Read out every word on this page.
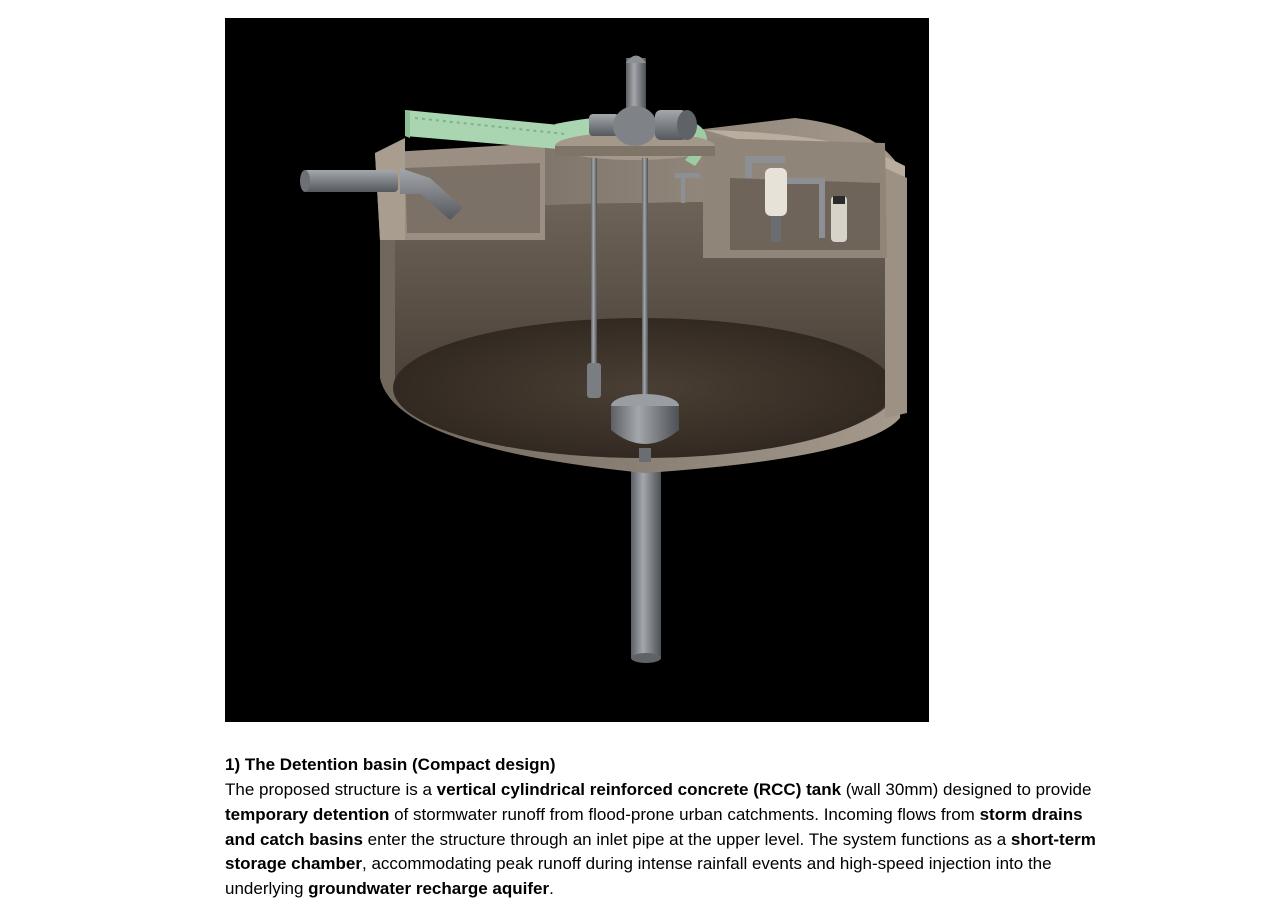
1) The Detention basin (Compact design)

The proposed structure is a vertical cylindrical reinforced concrete (RCC) tank (wall 30mm) designed to provide temporary detention of stormwater runoff from flood-prone urban catchments. Incoming flows from storm drains and catch basins enter the structure through an inlet pipe at the upper level. The system functions as a short-term storage chamber, accommodating peak runoff during intense rainfall events and high-speed injection into the underlying groundwater recharge aquifer.
